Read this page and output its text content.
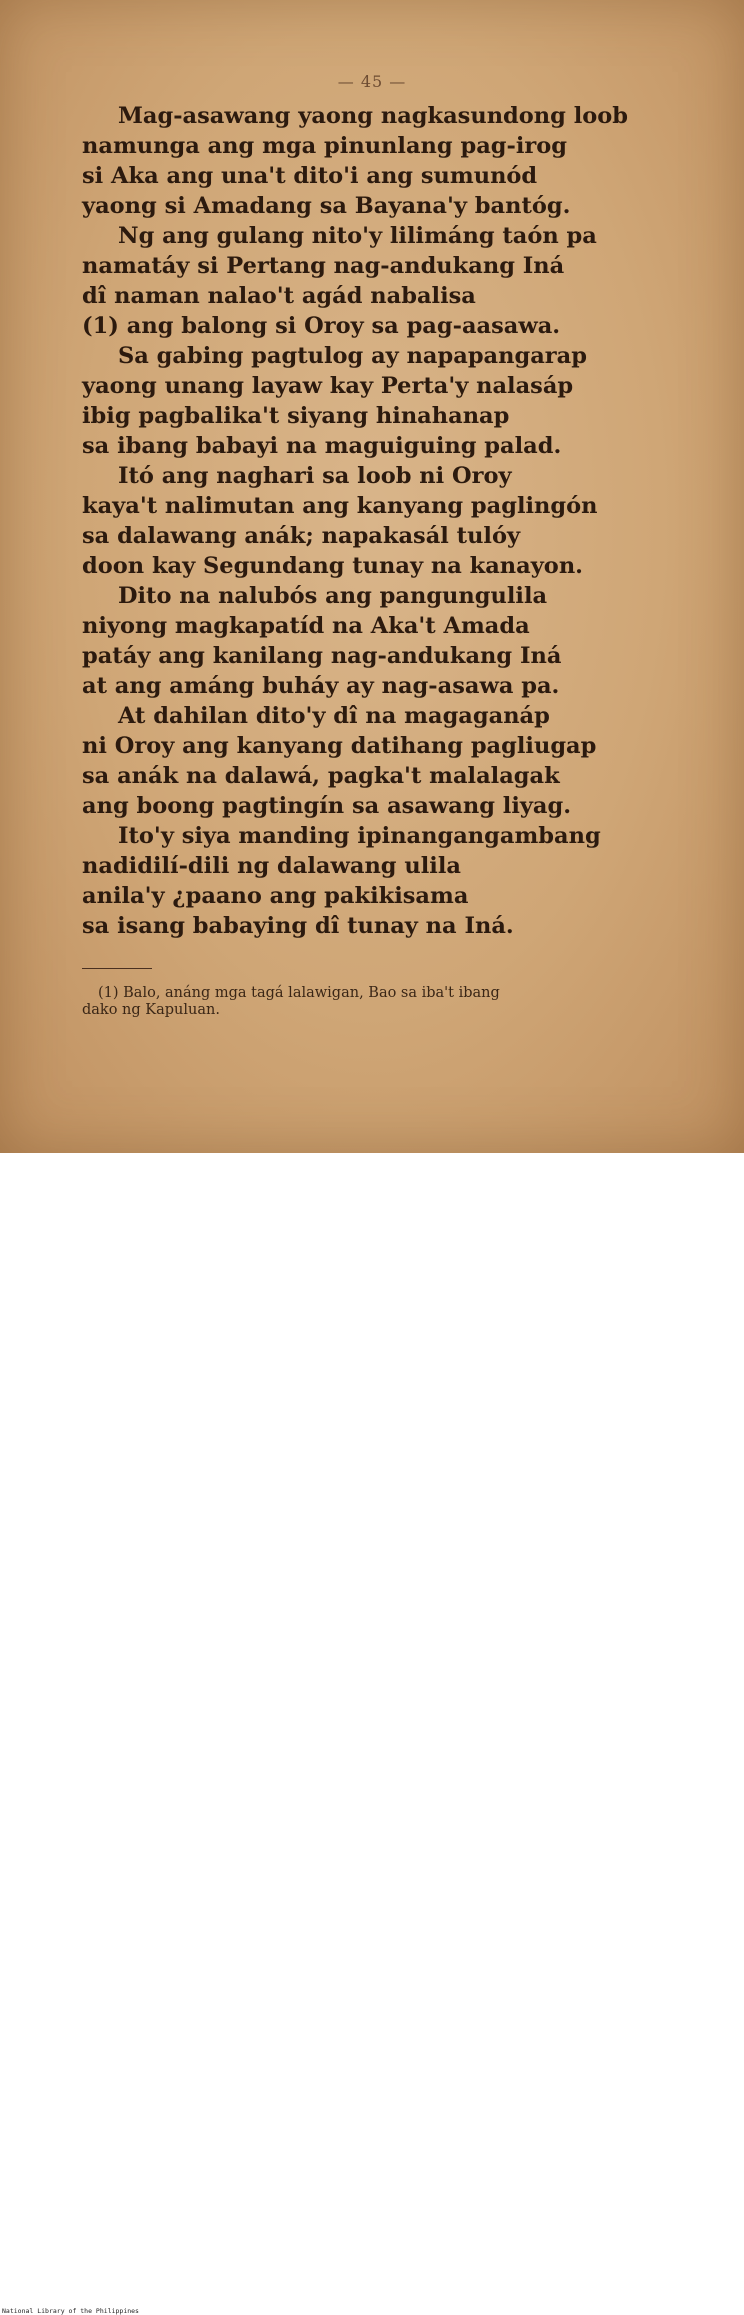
— 45 —
Mag-asawang yaong nagkasundong loob
namunga ang mga pinunlang pag-irog
si Aka ang una't dito'i ang sumunód
yaong si Amadang sa Bayana'y bantóg.
Ng ang gulang nito'y lilimáng taón pa
namatáy si Pertang nag-andukang Iná
dî naman nalao't agád nabalisa
(1) ang balong si Oroy sa pag-aasawa.
Sa gabing pagtulog ay napapangarap
yaong unang layaw kay Perta'y nalasáp
ibig pagbalika't siyang hinahanap
sa ibang babayi na maguiguing palad.
Itó ang naghari sa loob ni Oroy
kaya't nalimutan ang kanyang paglingón
sa dalawang anák; napakasál tulóy
doon kay Segundang tunay na kanayon.
Dito na nalubós ang pangungulila
niyong magkapatíd na Aka't Amada
patáy ang kanilang nag-andukang Iná
at ang amáng buháy ay nag-asawa pa.
At dahilan dito'y dî na magaganáp
ni Oroy ang kanyang datihang pagliugap
sa anák na dalawá, pagka't malalagak
ang boong pagtingín sa asawang liyag.
Ito'y siya manding ipinangangambang
nadidilí-dili ng dalawang ulila
anila'y ¿paano ang pakikisama
sa isang babaying dî tunay na Iná.
(1) Balo, anáng mga tagá lalawigan, Bao sa iba't ibang
dako ng Kapuluan.
National Library of the Philippines
